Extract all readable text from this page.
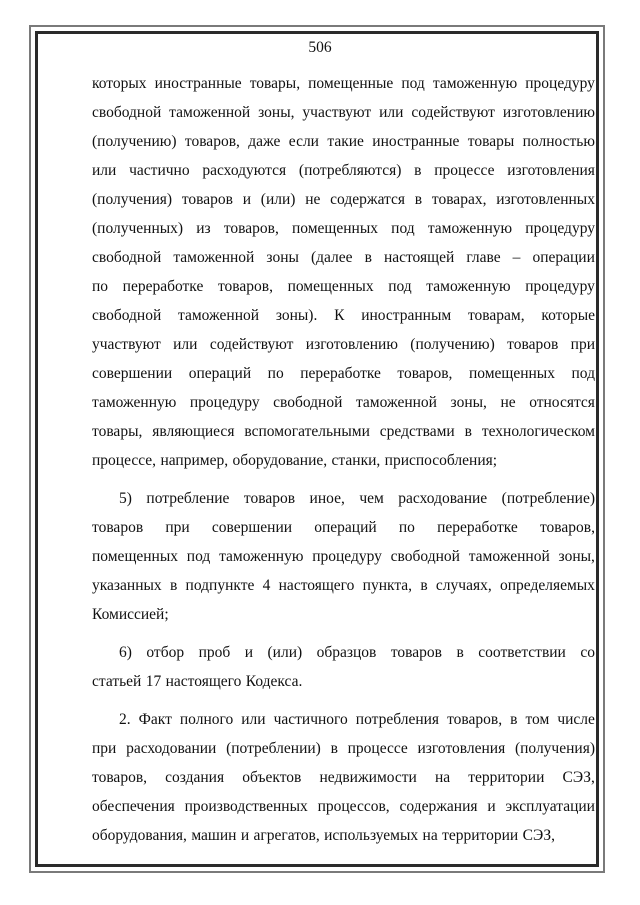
506
которых иностранные товары, помещенные под таможенную процедуру
свободной таможенной зоны, участвуют или содействуют изготовлению
(получению) товаров, даже если такие иностранные товары полностью
или частично расходуются (потребляются) в процессе изготовления
(получения) товаров и (или) не содержатся в товарах, изготовленных
(полученных) из товаров, помещенных под таможенную процедуру
свободной таможенной зоны (далее в настоящей главе – операции
по переработке товаров, помещенных под таможенную процедуру
свободной таможенной зоны). К иностранным товарам, которые
участвуют или содействуют изготовлению (получению) товаров при
совершении операций по переработке товаров, помещенных под
таможенную процедуру свободной таможенной зоны, не относятся
товары, являющиеся вспомогательными средствами в технологическом
процессе, например, оборудование, станки, приспособления;
5) потребление товаров иное, чем расходование (потребление)
товаров при совершении операций по переработке товаров,
помещенных под таможенную процедуру свободной таможенной зоны,
указанных в подпункте 4 настоящего пункта, в случаях, определяемых
Комиссией;
6) отбор проб и (или) образцов товаров в соответствии со
статьей 17 настоящего Кодекса.
2. Факт полного или частичного потребления товаров, в том числе
при расходовании (потреблении) в процессе изготовления (получения)
товаров, создания объектов недвижимости на территории СЭЗ,
обеспечения производственных процессов, содержания и эксплуатации
оборудования, машин и агрегатов, используемых на территории СЭЗ,
